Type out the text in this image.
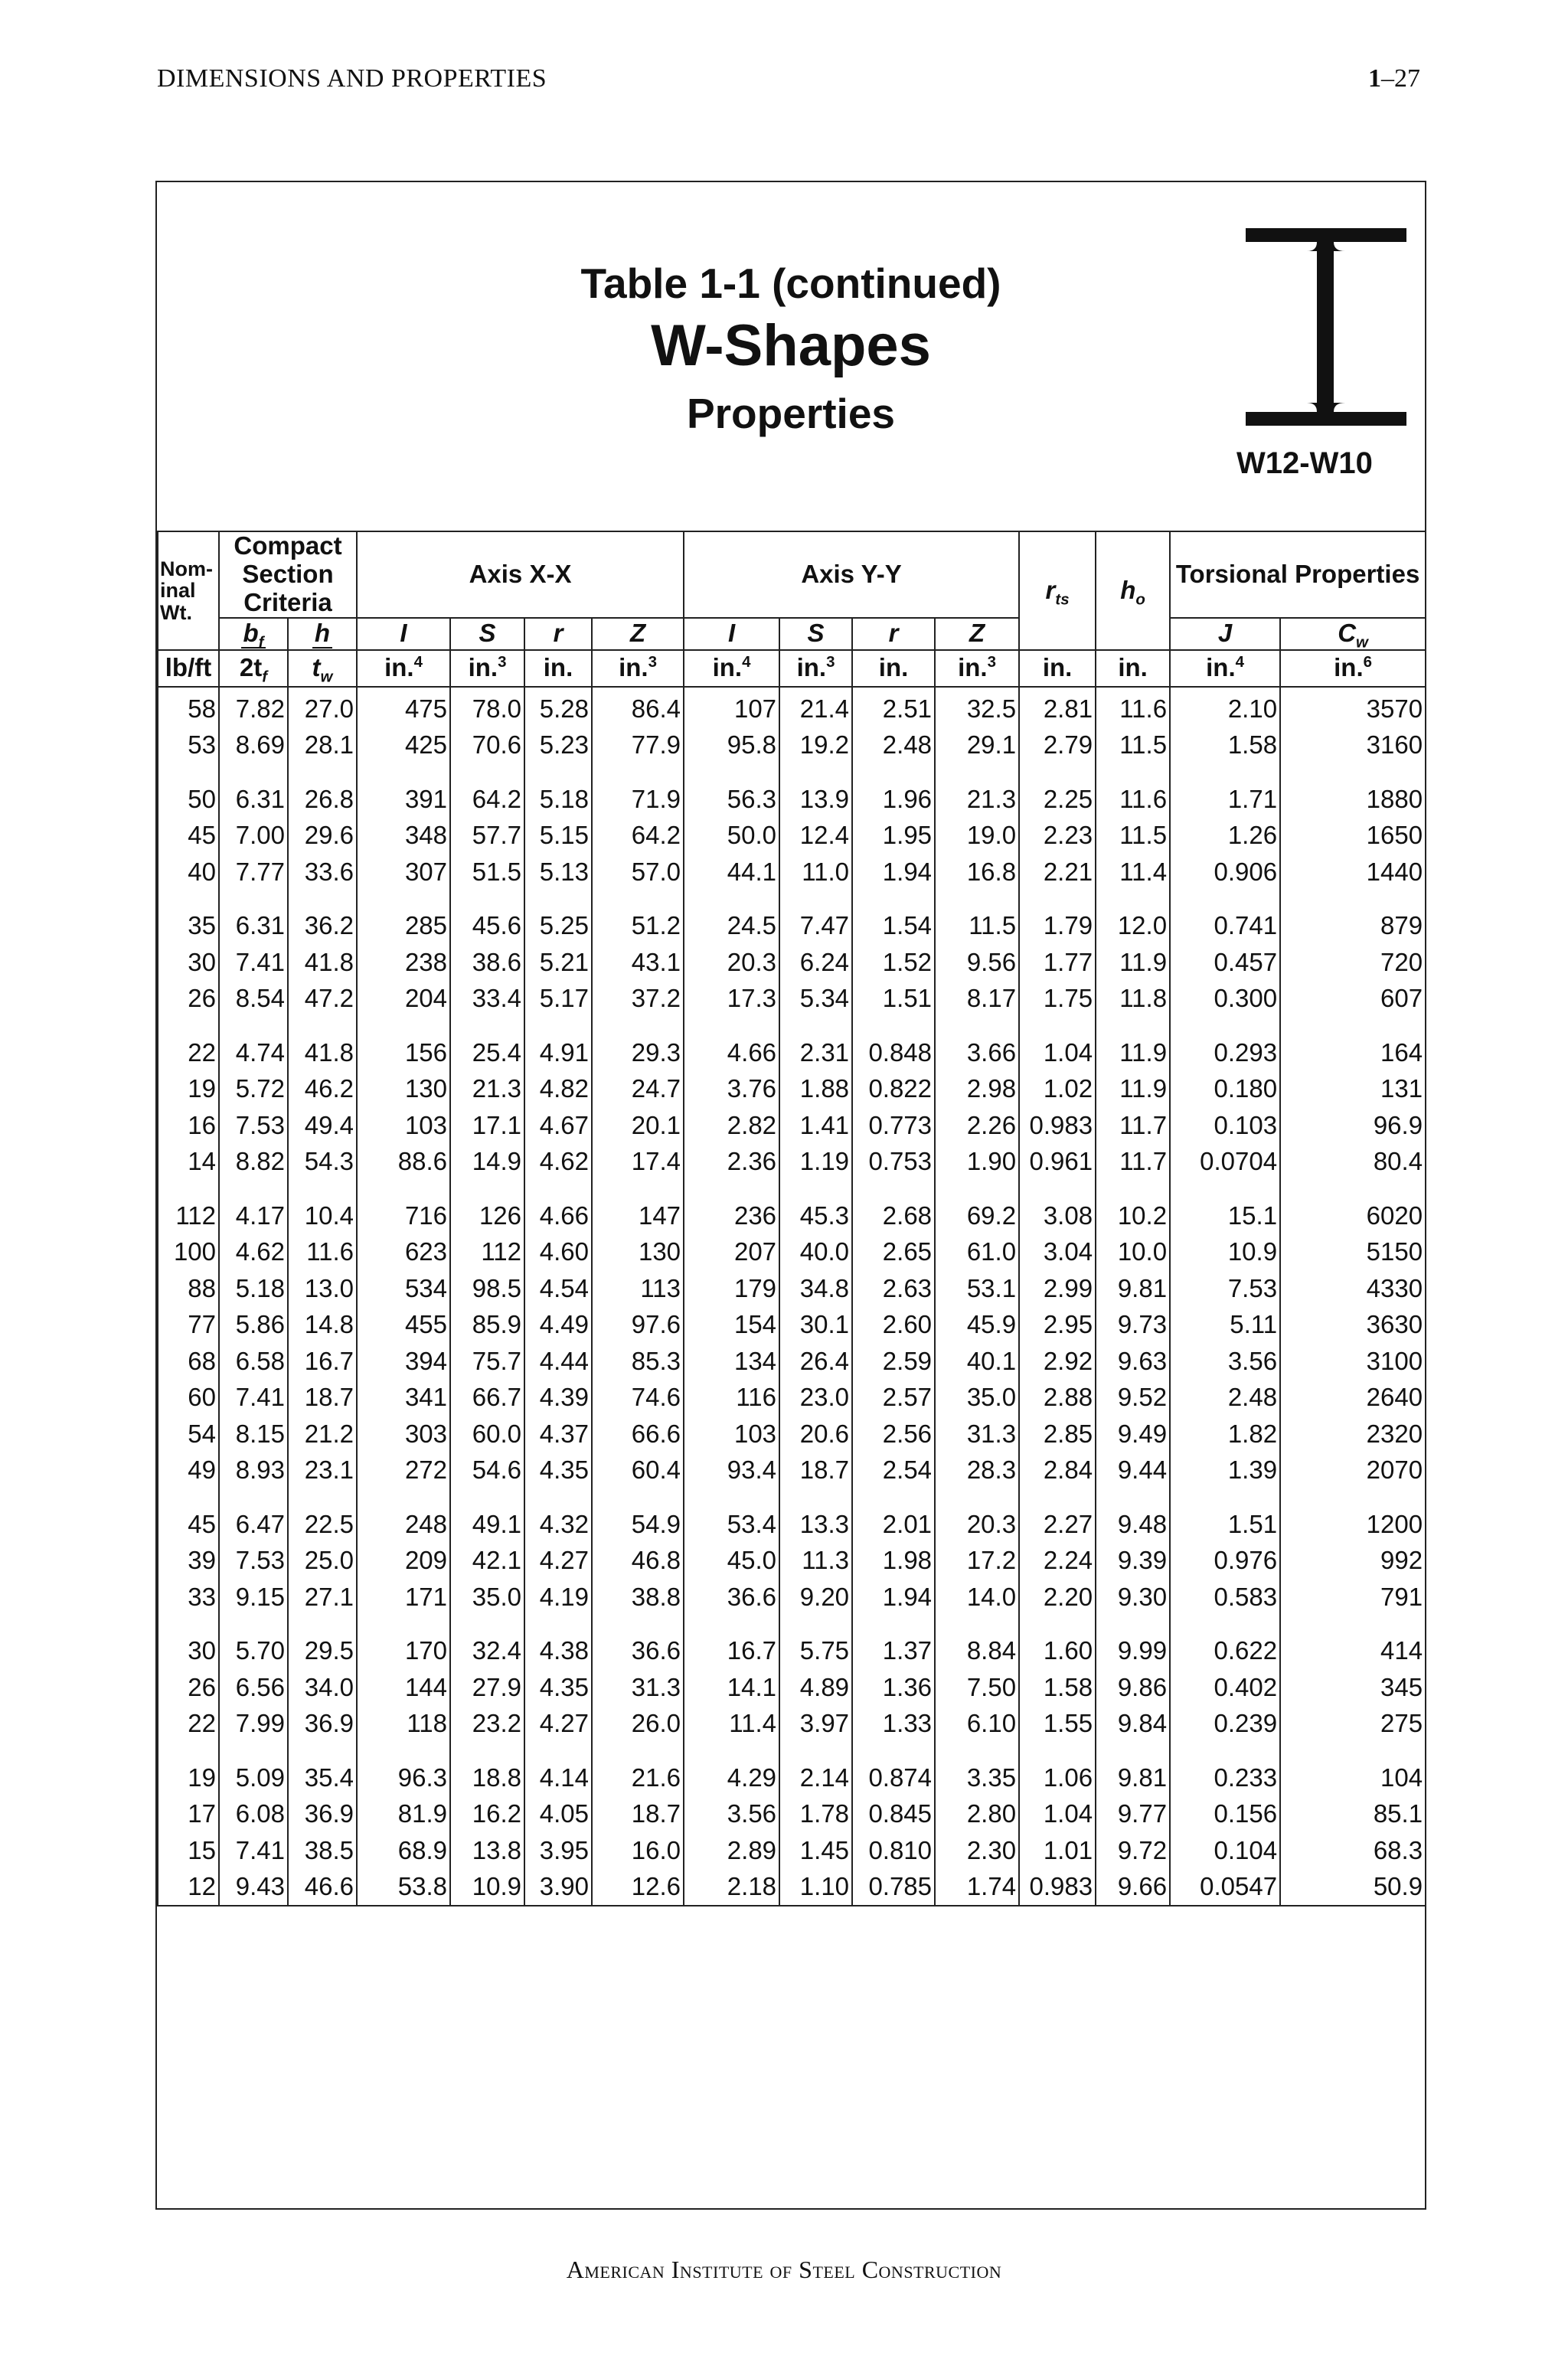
DIMENSIONS AND PROPERTIES	1–27
Table 1-1 (continued)
W-Shapes
Properties
W12-W10
Nom-inal Wt.	Compact Section Criteria		Axis X-X				Axis Y-Y				$r_{ts}$	$h_o$	Torsional Properties	

	$b_f$	h	I	S	r	Z	I	S	r	Z			J	$C_w$
lb/ft	$2t_f$	$t_w$	in.$^4$	in.$^3$	in.	in.$^3$	in.$^4$	in.$^3$	in.	in.$^3$	in.	in.	in.$^4$	in.$^6$
58	7.82	27.0	475	78.0	5.28	86.4	107	21.4	2.51	32.5	2.81	11.6	2.10	3570
53	8.69	28.1	425	70.6	5.23	77.9	95.8	19.2	2.48	29.1	2.79	11.5	1.58	3160

50	6.31	26.8	391	64.2	5.18	71.9	56.3	13.9	1.96	21.3	2.25	11.6	1.71	1880
45	7.00	29.6	348	57.7	5.15	64.2	50.0	12.4	1.95	19.0	2.23	11.5	1.26	1650
40	7.77	33.6	307	51.5	5.13	57.0	44.1	11.0	1.94	16.8	2.21	11.4	0.906	1440

35	6.31	36.2	285	45.6	5.25	51.2	24.5	7.47	1.54	11.5	1.79	12.0	0.741	879
30	7.41	41.8	238	38.6	5.21	43.1	20.3	6.24	1.52	9.56	1.77	11.9	0.457	720
26	8.54	47.2	204	33.4	5.17	37.2	17.3	5.34	1.51	8.17	1.75	11.8	0.300	607

22	4.74	41.8	156	25.4	4.91	29.3	4.66	2.31	0.848	3.66	1.04	11.9	0.293	164
19	5.72	46.2	130	21.3	4.82	24.7	3.76	1.88	0.822	2.98	1.02	11.9	0.180	131
16	7.53	49.4	103	17.1	4.67	20.1	2.82	1.41	0.773	2.26	0.983	11.7	0.103	96.9
14	8.82	54.3	88.6	14.9	4.62	17.4	2.36	1.19	0.753	1.90	0.961	11.7	0.0704	80.4

112	4.17	10.4	716	126	4.66	147	236	45.3	2.68	69.2	3.08	10.2	15.1	6020
100	4.62	11.6	623	112	4.60	130	207	40.0	2.65	61.0	3.04	10.0	10.9	5150
88	5.18	13.0	534	98.5	4.54	113	179	34.8	2.63	53.1	2.99	9.81	7.53	4330
77	5.86	14.8	455	85.9	4.49	97.6	154	30.1	2.60	45.9	2.95	9.73	5.11	3630
68	6.58	16.7	394	75.7	4.44	85.3	134	26.4	2.59	40.1	2.92	9.63	3.56	3100
60	7.41	18.7	341	66.7	4.39	74.6	116	23.0	2.57	35.0	2.88	9.52	2.48	2640
54	8.15	21.2	303	60.0	4.37	66.6	103	20.6	2.56	31.3	2.85	9.49	1.82	2320
49	8.93	23.1	272	54.6	4.35	60.4	93.4	18.7	2.54	28.3	2.84	9.44	1.39	2070

45	6.47	22.5	248	49.1	4.32	54.9	53.4	13.3	2.01	20.3	2.27	9.48	1.51	1200
39	7.53	25.0	209	42.1	4.27	46.8	45.0	11.3	1.98	17.2	2.24	9.39	0.976	992
33	9.15	27.1	171	35.0	4.19	38.8	36.6	9.20	1.94	14.0	2.20	9.30	0.583	791

30	5.70	29.5	170	32.4	4.38	36.6	16.7	5.75	1.37	8.84	1.60	9.99	0.622	414
26	6.56	34.0	144	27.9	4.35	31.3	14.1	4.89	1.36	7.50	1.58	9.86	0.402	345
22	7.99	36.9	118	23.2	4.27	26.0	11.4	3.97	1.33	6.10	1.55	9.84	0.239	275

19	5.09	35.4	96.3	18.8	4.14	21.6	4.29	2.14	0.874	3.35	1.06	9.81	0.233	104
17	6.08	36.9	81.9	16.2	4.05	18.7	3.56	1.78	0.845	2.80	1.04	9.77	0.156	85.1
15	7.41	38.5	68.9	13.8	3.95	16.0	2.89	1.45	0.810	2.30	1.01	9.72	0.104	68.3
12	9.43	46.6	53.8	10.9	3.90	12.6	2.18	1.10	0.785	1.74	0.983	9.66	0.0547	50.9
American Institute of Steel Construction
